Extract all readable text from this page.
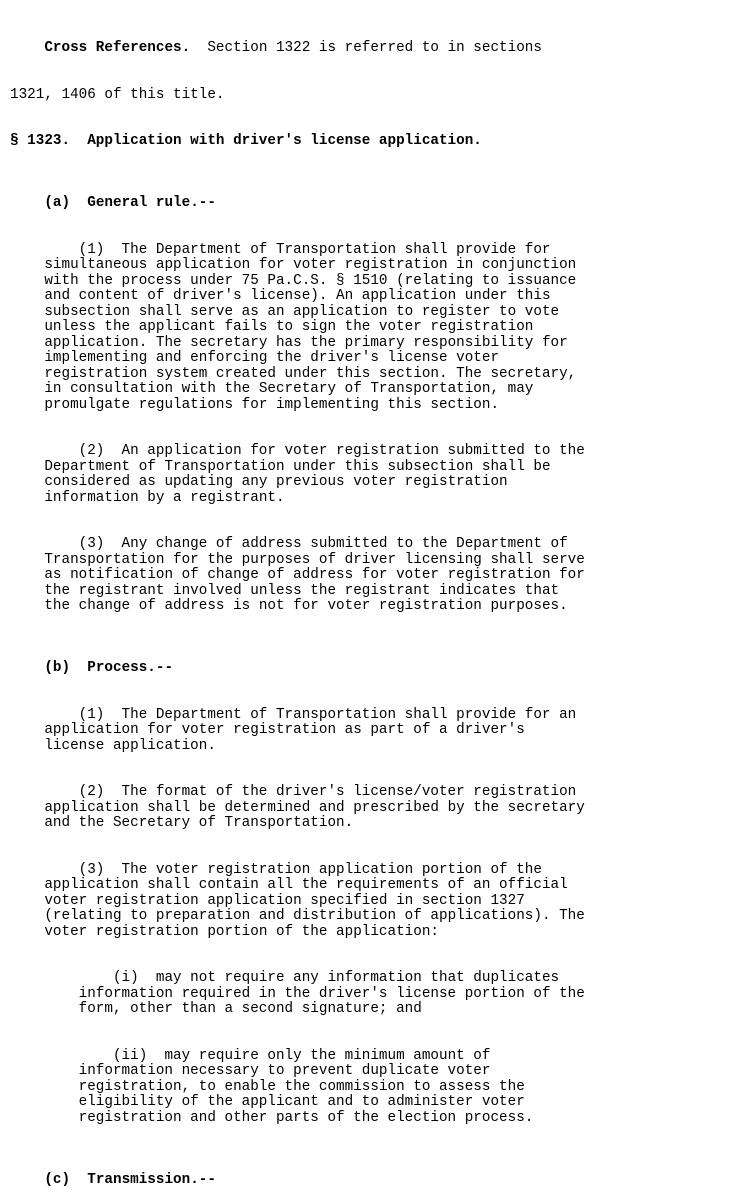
Cross References.  Section 1322 is referred to in sections

1321, 1406 of this title.

§ 1323.  Application with driver's license application.

(a) General rule.--

(1)  The Department of Transportation shall provide for
simultaneous application for voter registration in conjunction
with the process under 75 Pa.C.S. § 1510 (relating to issuance
and content of driver's license). An application under this
subsection shall serve as an application to register to vote
unless the applicant fails to sign the voter registration
application. The secretary has the primary responsibility for
implementing and enforcing the driver's license voter
registration system created under this section. The secretary,
in consultation with the Secretary of Transportation, may
promulgate regulations for implementing this section.

(2)  An application for voter registration submitted to the
Department of Transportation under this subsection shall be
considered as updating any previous voter registration
information by a registrant.

(3)  Any change of address submitted to the Department of
Transportation for the purposes of driver licensing shall serve
as notification of change of address for voter registration for
the registrant involved unless the registrant indicates that
the change of address is not for voter registration purposes.

(b) Process.--

(1)  The Department of Transportation shall provide for an
application for voter registration as part of a driver's
license application.

(2)  The format of the driver's license/voter registration
application shall be determined and prescribed by the secretary
and the Secretary of Transportation.

(3)  The voter registration application portion of the
application shall contain all the requirements of an official
voter registration application specified in section 1327
(relating to preparation and distribution of applications). The
voter registration portion of the application:

(i)  may not require any information that duplicates
information required in the driver's license portion of the
form, other than a second signature; and

(ii)  may require only the minimum amount of
information necessary to prevent duplicate voter
registration, to enable the commission to assess the
eligibility of the applicant and to administer voter
registration and other parts of the election process.

(c) Transmission.--
